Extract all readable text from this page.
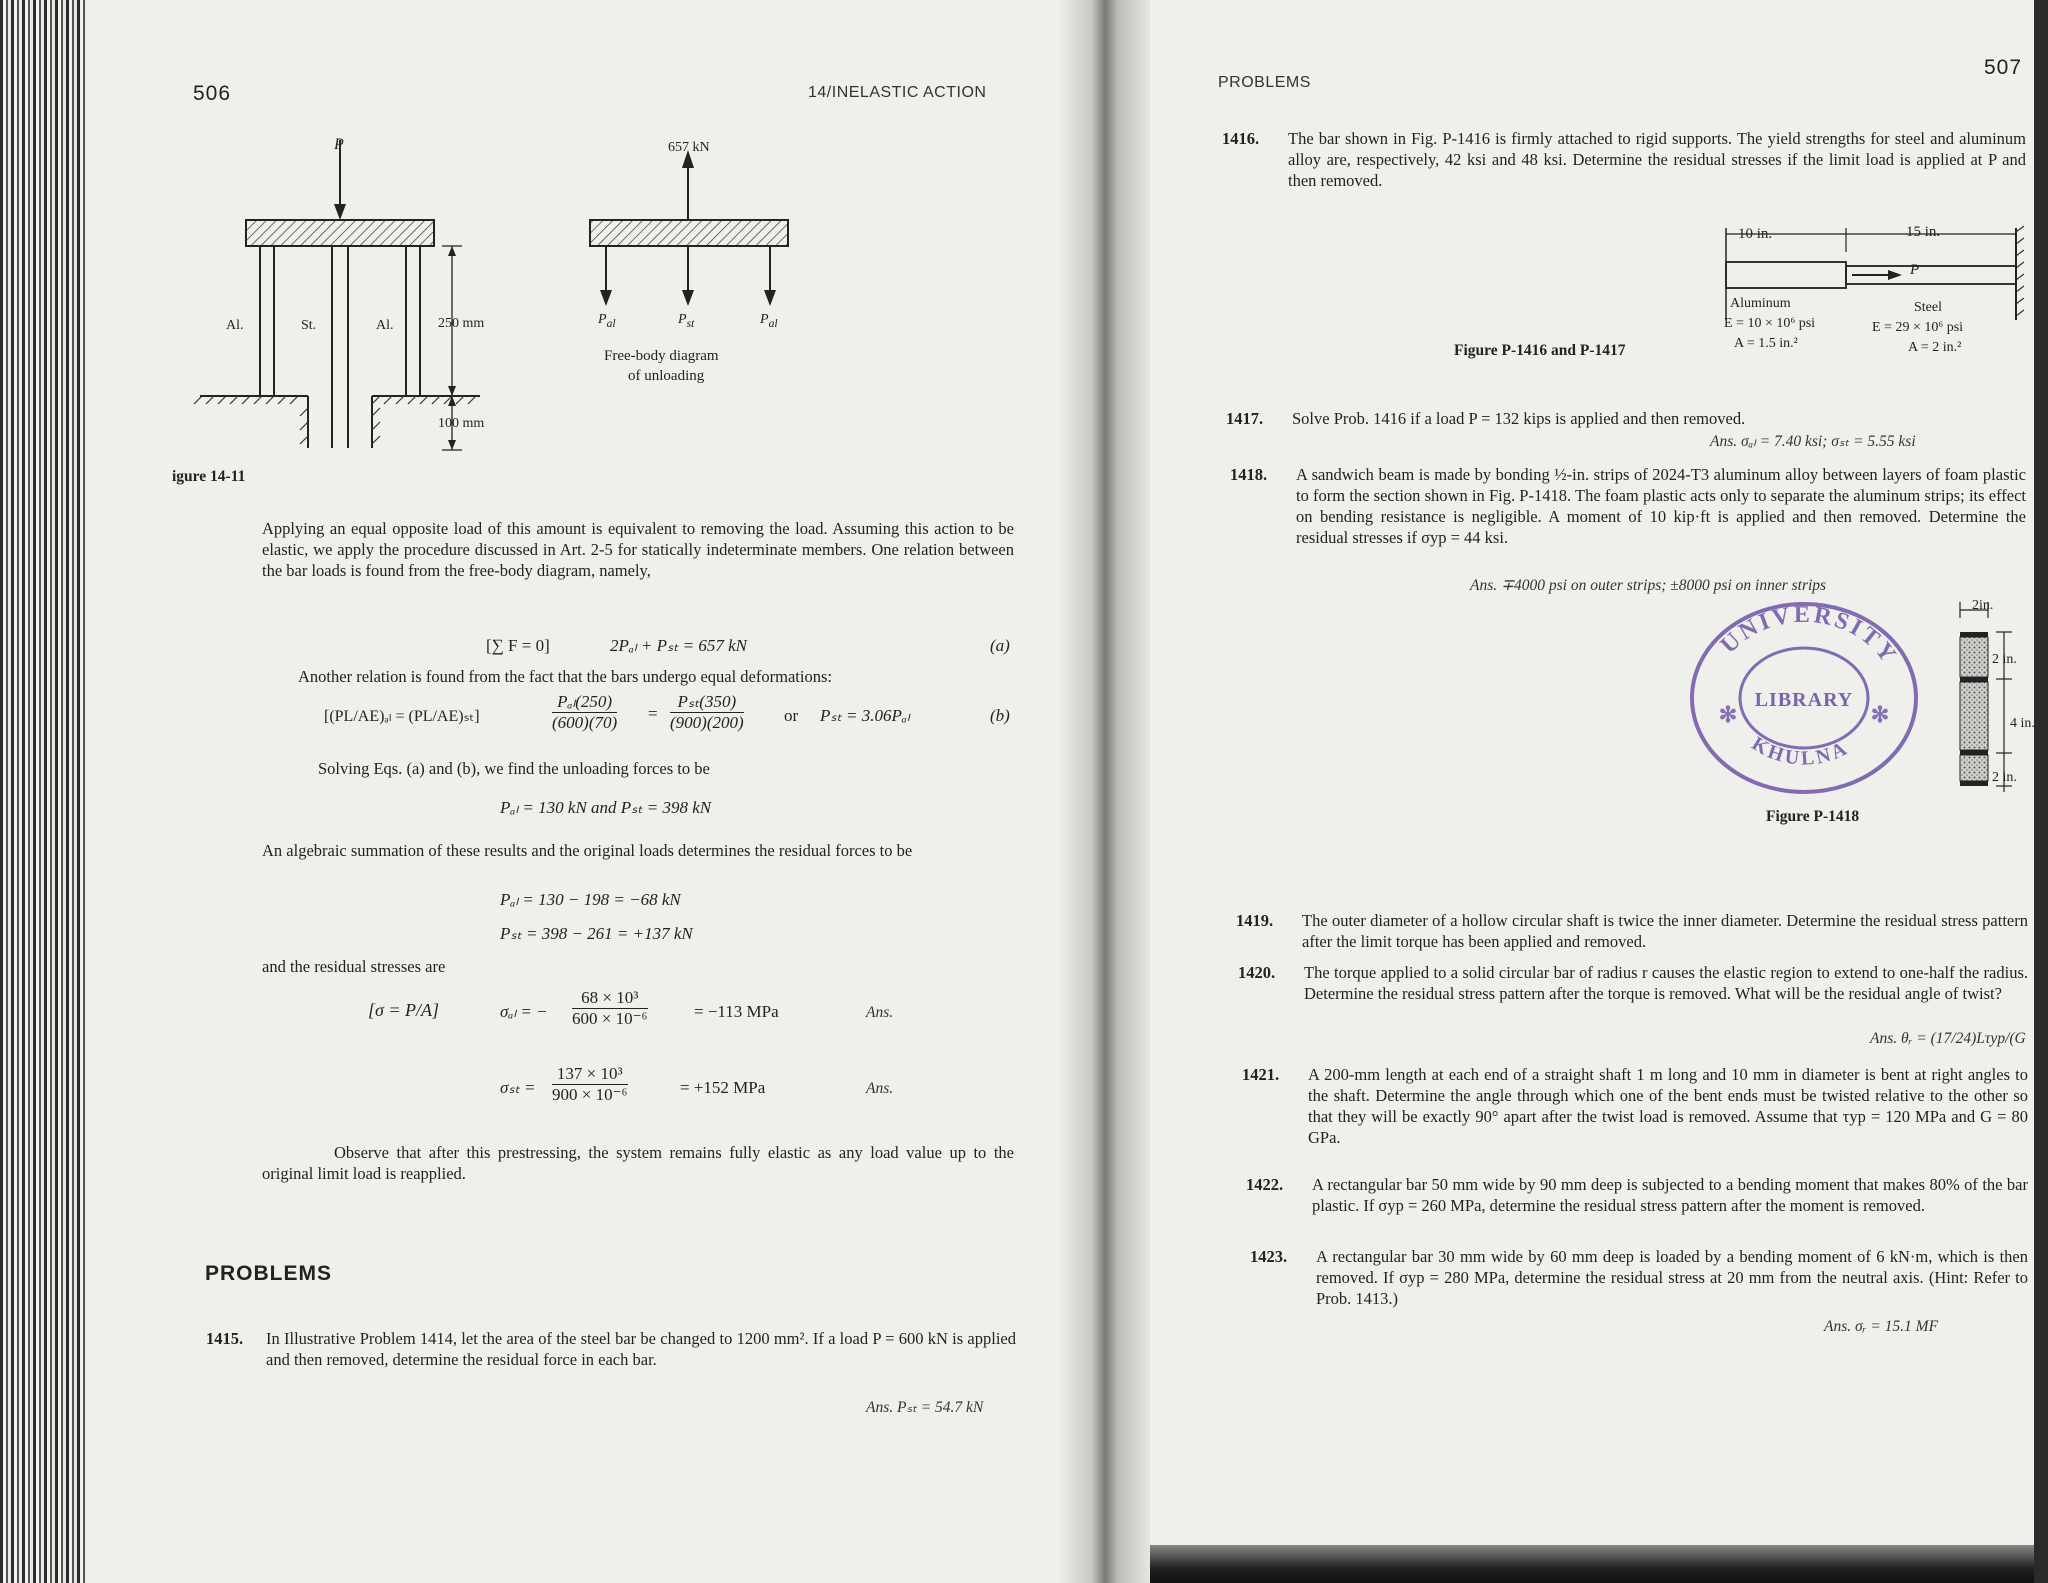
506	14/INELASTIC ACTION
P
Al.	St.	Al.	250 mm
100 mm
igure 14-11
657 kN
$P_{al}$	$P_{st}$	$P_{al}$
Free-body diagram
of unloading
Applying an equal opposite load of this amount is equivalent to removing the load. Assuming this action to be elastic, we apply the procedure discussed in Art. 2-5 for statically indeterminate members. One relation between the bar loads is found from the free-body diagram, namely,
[∑ F = 0]	2Pₐₗ + Pₛₜ = 657 kN	(a)
Another relation is found from the fact that the bars undergo equal deformations:
[(PL/AE)ₐₗ = (PL/AE)ₛₜ]	$\frac{\text{Pₐₗ(250)}}{(600)(70)} = \frac{\text{Pₛₜ(350)}}{(900)(200)}$ or Pₛₜ = 3.06Pₐₗ	(b)
Solving Eqs. (a) and (b), we find the unloading forces to be
Pₐₗ = 130 kN and Pₛₜ = 398 kN
An algebraic summation of these results and the original loads determines the residual forces to be
Pₐₗ = 130 − 198 = −68 kN
Pₛₜ = 398 − 261 = +137 kN
and the residual stresses are
[σ = P/A]	σₐₗ = − $\frac{\text{68 × 10³}}{\text{600 × 10⁻⁶}}$	= −113 MPa	Ans.
$\sigma_{st} = \frac{\text{137 × 10³}}{\text{900 × 10⁻⁶}}$	= +152 MPa	Ans.
Observe that after this prestressing, the system remains fully elastic as any load value up to the original limit load is reapplied.
PROBLEMS
1415. In Illustrative Problem 1414, let the area of the steel bar be changed to 1200 mm². If a load P = 600 kN is applied and then removed, determine the residual force in each bar.
Ans. Pₛₜ = 54.7 kN
507
PROBLEMS
1416. The bar shown in Fig. P-1416 is firmly attached to rigid supports. The yield strengths for steel and aluminum alloy are, respectively, 42 ksi and 48 ksi. Determine the residual stresses if the limit load is applied at P and then removed.
10 in.	15 in.
P
Aluminum
E = 10 × 10⁶ psi
A = 1.5 in.²
Steel
E = 29 × 10⁶ psi
A = 2 in.²
Figure P-1416 and P-1417
1417. Solve Prob. 1416 if a load P = 132 kips is applied and then removed.
Ans. σₐₗ = 7.40 ksi; σₛₜ = 5.55 ksi
1418. A sandwich beam is made by bonding ½-in. strips of 2024-T3 aluminum alloy between layers of foam plastic to form the section shown in Fig. P-1418. The foam plastic acts only to separate the aluminum strips; its effect on bending resistance is negligible. A moment of 10 kip·ft is applied and then removed. Determine the residual stresses if σyp = 44 ksi.
Ans. ∓4000 psi on outer strips; ±8000 psi on inner strips
UNIVERSITY
KHULNA
LIBRARY
✻	✻
2in.
2 in.
4 in.
2 in.
Figure P-1418
1419. The outer diameter of a hollow circular shaft is twice the inner diameter. Determine the residual stress pattern after the limit torque has been applied and removed.
1420. The torque applied to a solid circular bar of radius r causes the elastic region to extend to one-half the radius. Determine the residual stress pattern after the torque is removed. What will be the residual angle of twist?
Ans. θᵣ = (17/24)Lτyp/(G
1421. A 200-mm length at each end of a straight shaft 1 m long and 10 mm in diameter is bent at right angles to the shaft. Determine the angle through which one of the bent ends must be twisted relative to the other so that they will be exactly 90° apart after the twist load is removed. Assume that τyp = 120 MPa and G = 80 GPa.
1422. A rectangular bar 50 mm wide by 90 mm deep is subjected to a bending moment that makes 80% of the bar plastic. If σyp = 260 MPa, determine the residual stress pattern after the moment is removed.
1423. A rectangular bar 30 mm wide by 60 mm deep is loaded by a bending moment of 6 kN·m, which is then removed. If σyp = 280 MPa, determine the residual stress at 20 mm from the neutral axis. (Hint: Refer to Prob. 1413.)
Ans. σᵣ = 15.1 MF
